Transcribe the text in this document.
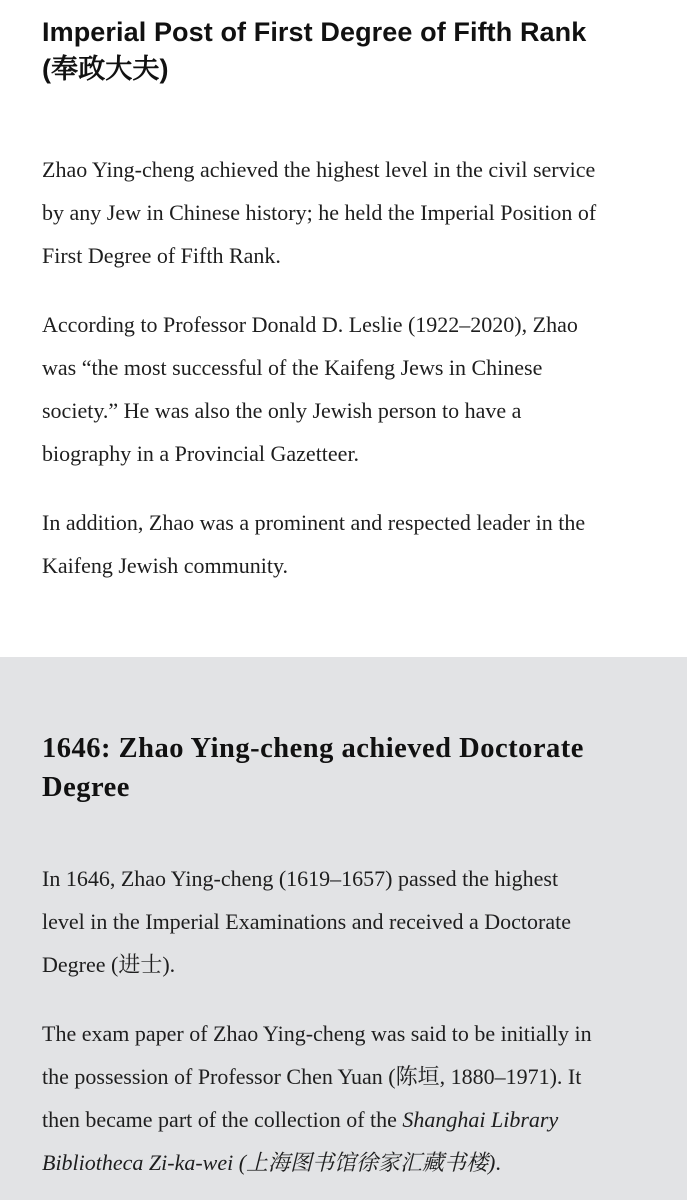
Imperial Post of First Degree of Fifth Rank
(奉政大夫)

Zhao Ying-cheng achieved the highest level in the civil service
by any Jew in Chinese history; he held the Imperial Position of
First Degree of Fifth Rank.

According to Professor Donald D. Leslie (1922–2020), Zhao
was “the most successful of the Kaifeng Jews in Chinese
society.” He was also the only Jewish person to have a
biography in a Provincial Gazetteer.

In addition, Zhao was a prominent and respected leader in the
Kaifeng Jewish community.

1646: Zhao Ying-cheng achieved Doctorate
Degree

In 1646, Zhao Ying-cheng (1619–1657) passed the highest
level in the Imperial Examinations and received a Doctorate
Degree (进士).

The exam paper of Zhao Ying-cheng was said to be initially in
the possession of Professor Chen Yuan (陈垣, 1880–1971). It
then became part of the collection of the Shanghai Library
Bibliotheca Zi-ka-wei (上海图书馆徐家汇藏书楼).
